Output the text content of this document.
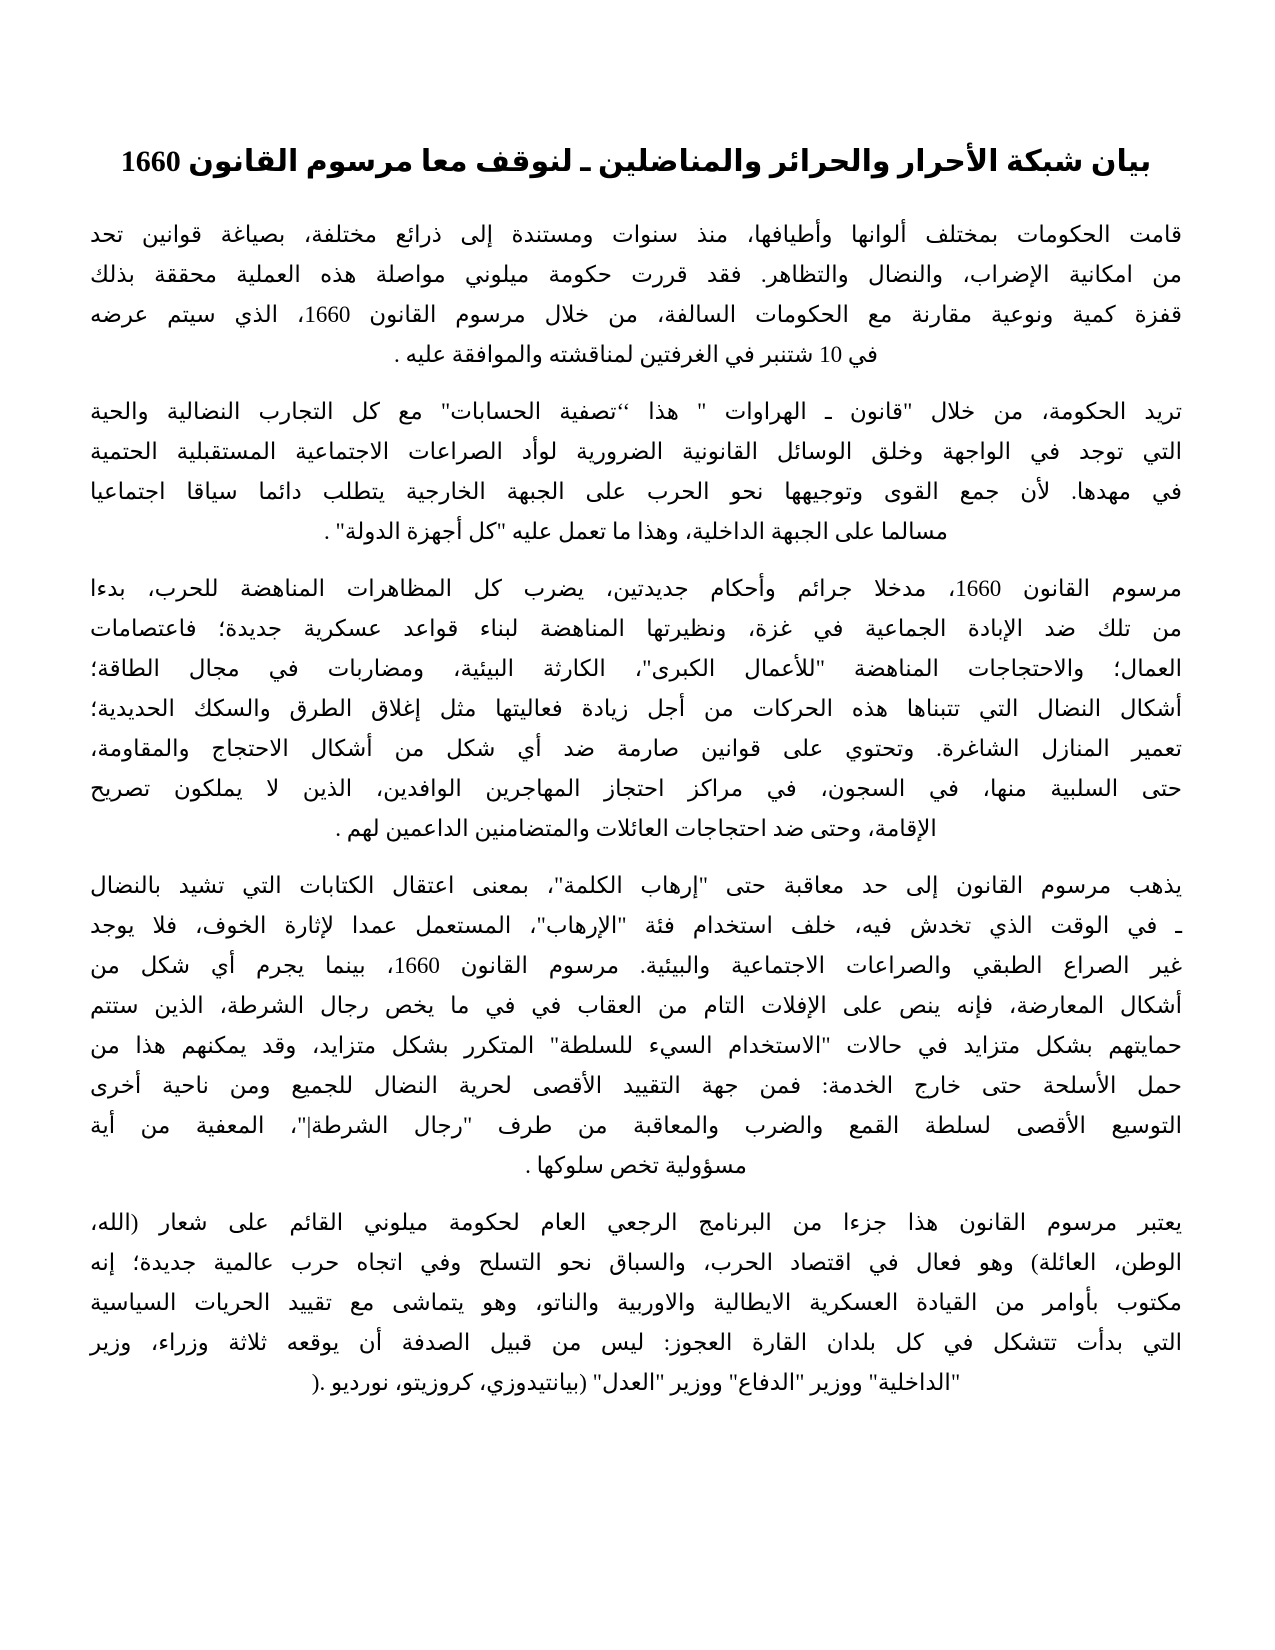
بيان شبكة الأحرار والحرائر والمناضلين ـ لنوقف معا مرسوم القانون 1660
قامت الحكومات بمختلف ألوانها وأطيافها، منذ سنوات ومستندة إلى ذرائع مختلفة، بصياغة قوانين تحد
من امكانية الإضراب، والنضال والتظاهر. فقد قررت حكومة ميلوني مواصلة هذه العملية محققة بذلك
قفزة كمية ونوعية مقارنة مع الحكومات السالفة، من خلال مرسوم القانون 1660، الذي سيتم عرضه
في 10 شتنبر في الغرفتين لمناقشته والموافقة عليه .
تريد الحكومة، من خلال "قانون ـ الهراوات " هذا ‘‘تصفية الحسابات" مع كل التجارب النضالية والحية
التي توجد في الواجهة وخلق الوسائل القانونية الضرورية لوأد الصراعات الاجتماعية المستقبلية الحتمية
في مهدها. لأن جمع القوى وتوجيهها نحو الحرب على الجبهة الخارجية يتطلب دائما سياقا اجتماعيا
مسالما على الجبهة الداخلية، وهذا ما تعمل عليه "كل أجهزة الدولة" .
مرسوم القانون 1660، مدخلا جرائم وأحكام جديدتين، يضرب كل المظاهرات المناهضة للحرب، بدءا
من تلك ضد الإبادة الجماعية في غزة، ونظيرتها المناهضة لبناء قواعد عسكرية جديدة؛ فاعتصامات
العمال؛ والاحتجاجات المناهضة "للأعمال الكبرى"، الكارثة البيئية، ومضاربات في مجال الطاقة؛
أشكال النضال التي تتبناها هذه الحركات من أجل زيادة فعاليتها مثل إغلاق الطرق والسكك الحديدية؛
تعمير المنازل الشاغرة. وتحتوي على قوانين صارمة ضد أي شكل من أشكال الاحتجاج والمقاومة،
حتى السلبية منها، في السجون، في مراكز احتجاز المهاجرين الوافدين، الذين لا يملكون تصريح
الإقامة، وحتى ضد احتجاجات العائلات والمتضامنين الداعمين لهم .
يذهب مرسوم القانون إلى حد معاقبة حتى "إرهاب الكلمة"، بمعنى اعتقال الكتابات التي تشيد بالنضال
ـ في الوقت الذي تخدش فيه، خلف استخدام فئة "الإرهاب"، المستعمل عمدا لإثارة الخوف، فلا يوجد
غير الصراع الطبقي والصراعات الاجتماعية والبيئية. مرسوم القانون 1660، بينما يجرم أي شكل من
أشكال المعارضة، فإنه ينص على الإفلات التام من العقاب في في ما يخص رجال الشرطة، الذين ستتم
حمايتهم بشكل متزايد في حالات "الاستخدام السيء للسلطة" المتكرر بشكل متزايد، وقد يمكنهم هذا من
حمل الأسلحة حتى خارج الخدمة: فمن جهة التقييد الأقصى لحرية النضال للجميع ومن ناحية أخرى
التوسيع الأقصى لسلطة القمع والضرب والمعاقبة من طرف "رجال الشرطة|"، المعفية من أية
مسؤولية تخص سلوكها .
يعتبر مرسوم القانون هذا جزءا من البرنامج الرجعي العام لحكومة ميلوني القائم على شعار (الله،
الوطن، العائلة) وهو فعال في اقتصاد الحرب، والسباق نحو التسلح وفي اتجاه حرب عالمية جديدة؛ إنه
مكتوب بأوامر من القيادة العسكرية الايطالية والاوربية والناتو، وهو يتماشى مع تقييد الحريات السياسية
التي بدأت تتشكل في كل بلدان القارة العجوز: ليس من قبيل الصدفة أن يوقعه ثلاثة وزراء، وزير
"الداخلية" ووزير "الدفاع" ووزير "العدل" (بيانتيدوزي، كروزيتو، نورديو .(
